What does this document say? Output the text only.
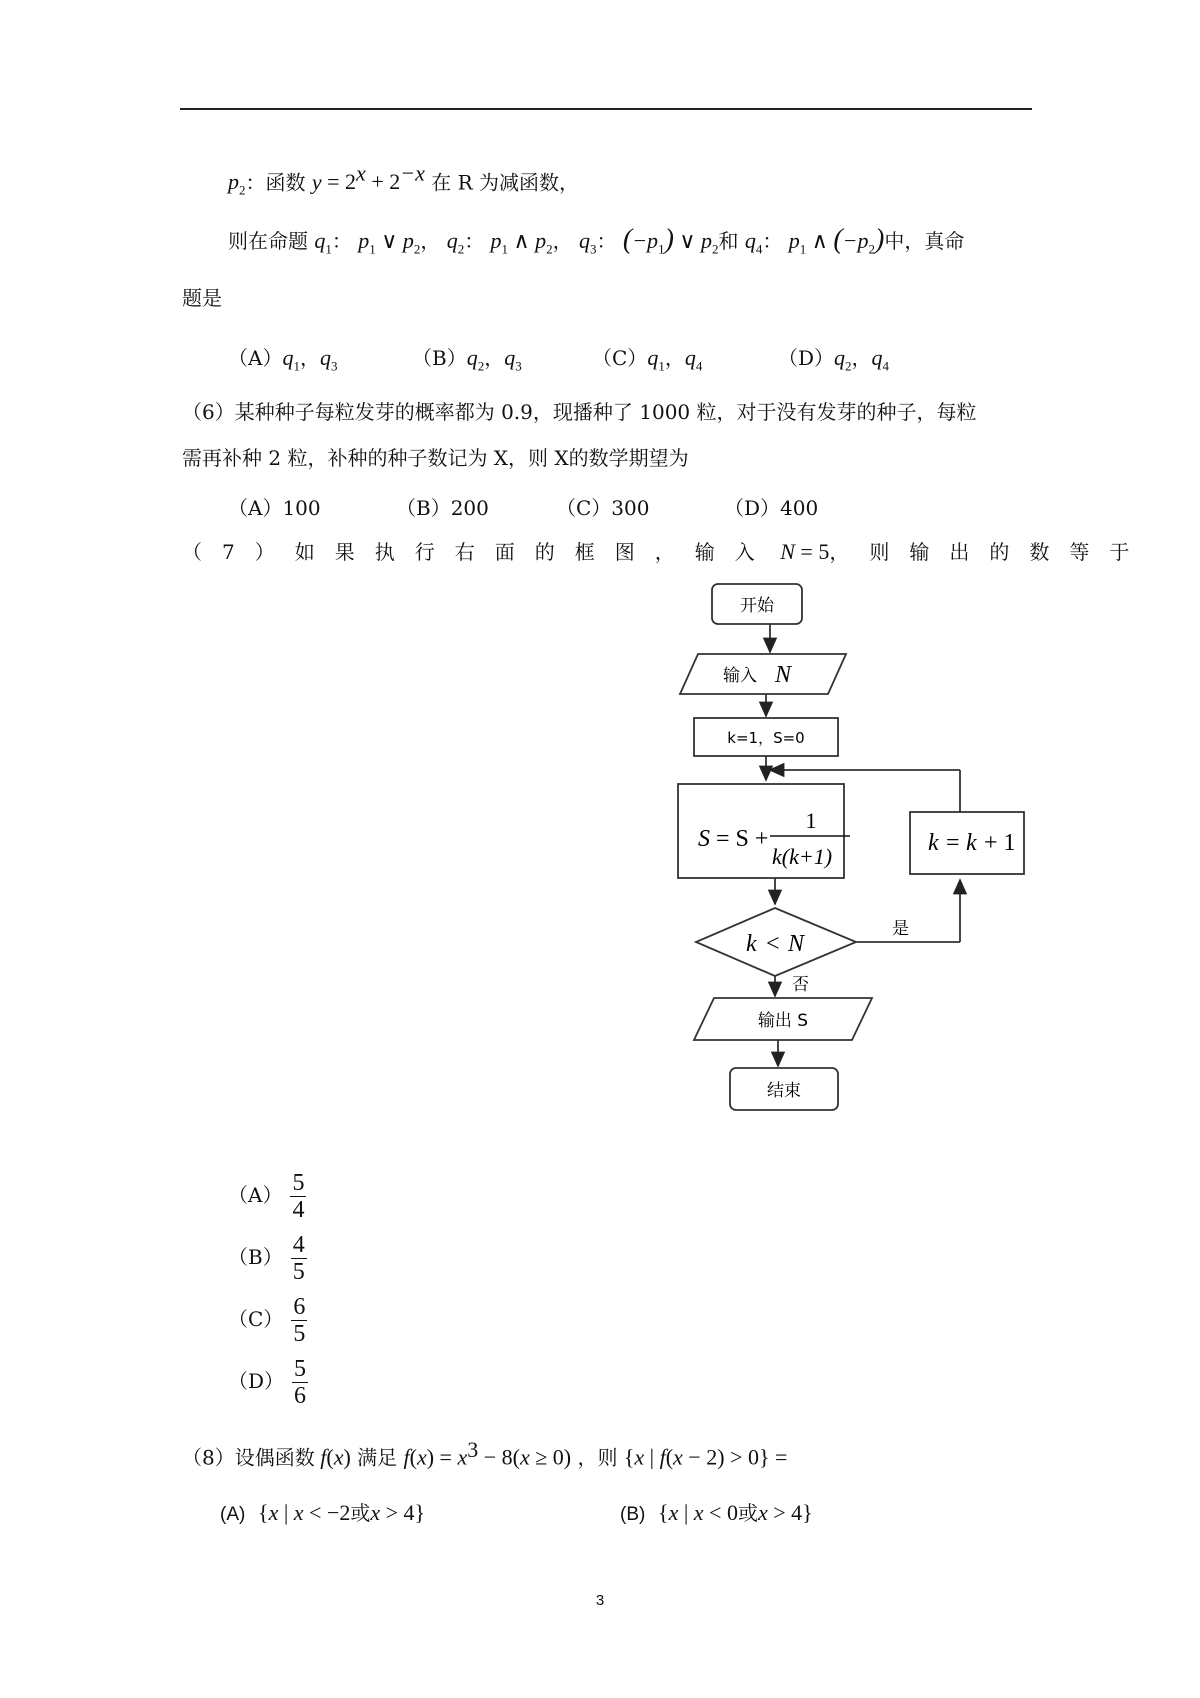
$p_2$：函数 $y = 2^x + 2^{-x}$ 在 R 为减函数，
则在命题 $q_1$： $p_1$ ∨ $p_2$， $q_2$： $p_1$ ∧ $p_2$， $q_3$： $(-p_1)$ ∨ $p_2$和 $q_4$： $p_1$ ∧ $(-p_2)$中，真命
题是
$(A)q_1$，$q_3$	$(B)q_2$，$q_3$	$(C)q_1$，$q_4$	$(D)q_2$，$q_4$
（6）某种种子每粒发芽的概率都为 0.9，现播种了 1000 粒，对于没有发芽的种子，每粒
需再补种 2 粒，补种的种子数记为 X，则 X的数学期望为
（A）100	（B）200	（C）300	（D）400
（7）如果执行右面的框图，输入 N = 5，则输出的数等于
开始
输入 N
k=1，S=0
S = S +
1
k(k+1)
k = k + 1
k < N
是
否
输出 S
结束
$(A) \frac{5}{4}$
$(B) \frac{4}{5}$
$(C) \frac{6}{5}$
$(D) \frac{5}{6}$
（8）设偶函数 f(x) 满足 $f(x) = x^3 - 8(x \ge 0)$ ，则 {x | f(x − 2) > 0} =
(A) {x | x < −2或x > 4}	(B) {x | x < 0或x > 4}
3
